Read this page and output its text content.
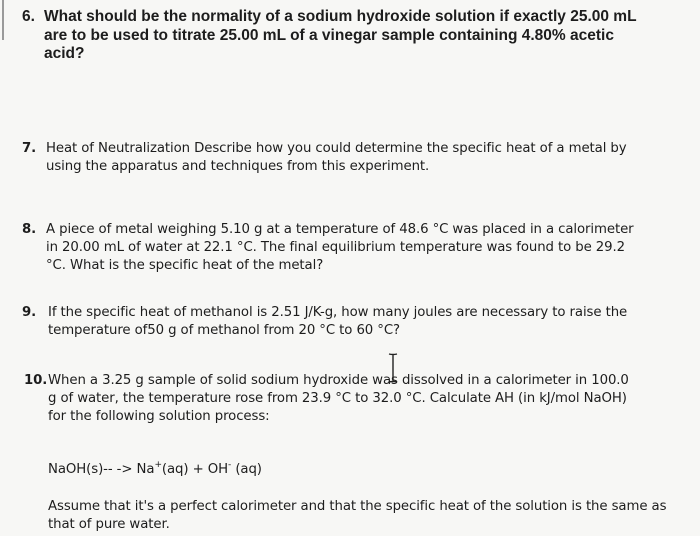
6. What should be the normality of a sodium hydroxide solution if exactly 25.00 mL
are to be used to titrate 25.00 mL of a vinegar sample containing 4.80% acetic
acid?
7. Heat of Neutralization Describe how you could determine the specific heat of a metal by
using the apparatus and techniques from this experiment.
8. A piece of metal weighing 5.10 g at a temperature of 48.6 °C was placed in a calorimeter
in 20.00 mL of water at 22.1 °C. The final equilibrium temperature was found to be 29.2
°C. What is the specific heat of the metal?
9. If the specific heat of methanol is 2.51 J/K-g, how many joules are necessary to raise the
temperature of50 g of methanol from 20 °C to 60 °C?
10. When a 3.25 g sample of solid sodium hydroxide was dissolved in a calorimeter in 100.0
g of water, the temperature rose from 23.9 °C to 32.0 °C. Calculate AH (in kJ/mol NaOH)
for the following solution process:
NaOH(s)-- -> Na+(aq) + OH- (aq)
Assume that it's a perfect calorimeter and that the specific heat of the solution is the same as that of pure water.
